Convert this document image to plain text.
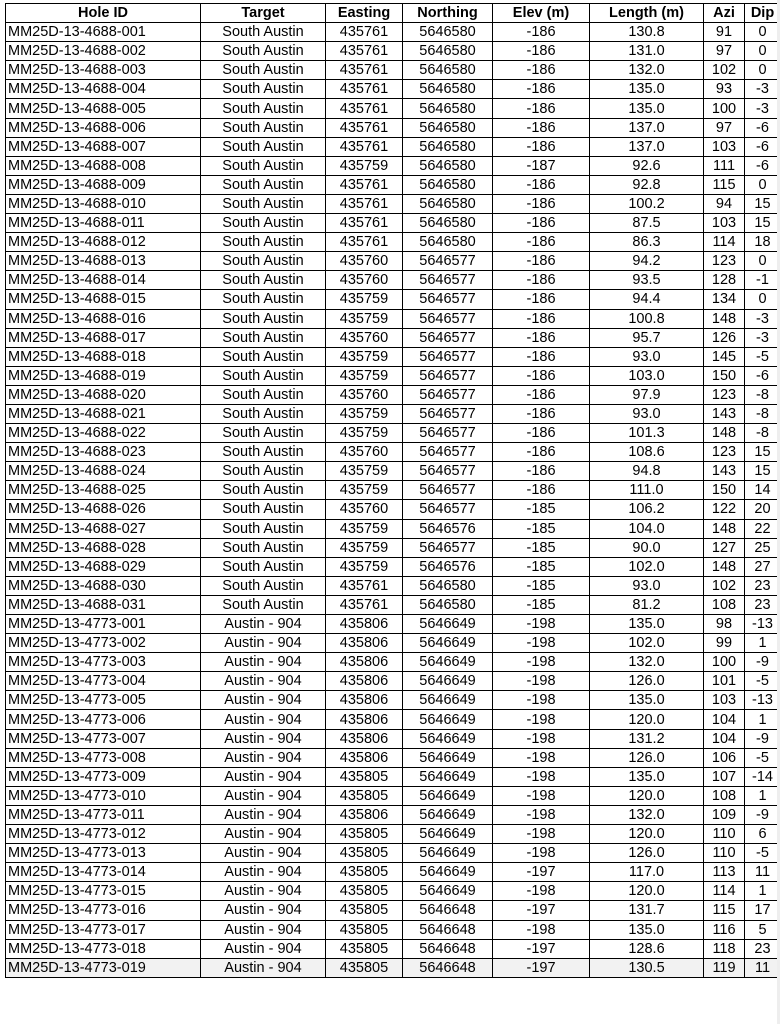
Hole ID	Target	Easting	Northing	Elev (m)	Length (m)	Azi	Dip
MM25D-13-4688-001	South Austin	435761	5646580	-186	130.8	91	0
MM25D-13-4688-002	South Austin	435761	5646580	-186	131.0	97	0
MM25D-13-4688-003	South Austin	435761	5646580	-186	132.0	102	0
MM25D-13-4688-004	South Austin	435761	5646580	-186	135.0	93	-3
MM25D-13-4688-005	South Austin	435761	5646580	-186	135.0	100	-3
MM25D-13-4688-006	South Austin	435761	5646580	-186	137.0	97	-6
MM25D-13-4688-007	South Austin	435761	5646580	-186	137.0	103	-6
MM25D-13-4688-008	South Austin	435759	5646580	-187	92.6	111	-6
MM25D-13-4688-009	South Austin	435761	5646580	-186	92.8	115	0
MM25D-13-4688-010	South Austin	435761	5646580	-186	100.2	94	15
MM25D-13-4688-011	South Austin	435761	5646580	-186	87.5	103	15
MM25D-13-4688-012	South Austin	435761	5646580	-186	86.3	114	18
MM25D-13-4688-013	South Austin	435760	5646577	-186	94.2	123	0
MM25D-13-4688-014	South Austin	435760	5646577	-186	93.5	128	-1
MM25D-13-4688-015	South Austin	435759	5646577	-186	94.4	134	0
MM25D-13-4688-016	South Austin	435759	5646577	-186	100.8	148	-3
MM25D-13-4688-017	South Austin	435760	5646577	-186	95.7	126	-3
MM25D-13-4688-018	South Austin	435759	5646577	-186	93.0	145	-5
MM25D-13-4688-019	South Austin	435759	5646577	-186	103.0	150	-6
MM25D-13-4688-020	South Austin	435760	5646577	-186	97.9	123	-8
MM25D-13-4688-021	South Austin	435759	5646577	-186	93.0	143	-8
MM25D-13-4688-022	South Austin	435759	5646577	-186	101.3	148	-8
MM25D-13-4688-023	South Austin	435760	5646577	-186	108.6	123	15
MM25D-13-4688-024	South Austin	435759	5646577	-186	94.8	143	15
MM25D-13-4688-025	South Austin	435759	5646577	-186	111.0	150	14
MM25D-13-4688-026	South Austin	435760	5646577	-185	106.2	122	20
MM25D-13-4688-027	South Austin	435759	5646576	-185	104.0	148	22
MM25D-13-4688-028	South Austin	435759	5646577	-185	90.0	127	25
MM25D-13-4688-029	South Austin	435759	5646576	-185	102.0	148	27
MM25D-13-4688-030	South Austin	435761	5646580	-185	93.0	102	23
MM25D-13-4688-031	South Austin	435761	5646580	-185	81.2	108	23
MM25D-13-4773-001	Austin - 904	435806	5646649	-198	135.0	98	-13
MM25D-13-4773-002	Austin - 904	435806	5646649	-198	102.0	99	1
MM25D-13-4773-003	Austin - 904	435806	5646649	-198	132.0	100	-9
MM25D-13-4773-004	Austin - 904	435806	5646649	-198	126.0	101	-5
MM25D-13-4773-005	Austin - 904	435806	5646649	-198	135.0	103	-13
MM25D-13-4773-006	Austin - 904	435806	5646649	-198	120.0	104	1
MM25D-13-4773-007	Austin - 904	435806	5646649	-198	131.2	104	-9
MM25D-13-4773-008	Austin - 904	435806	5646649	-198	126.0	106	-5
MM25D-13-4773-009	Austin - 904	435805	5646649	-198	135.0	107	-14
MM25D-13-4773-010	Austin - 904	435805	5646649	-198	120.0	108	1
MM25D-13-4773-011	Austin - 904	435806	5646649	-198	132.0	109	-9
MM25D-13-4773-012	Austin - 904	435805	5646649	-198	120.0	110	6
MM25D-13-4773-013	Austin - 904	435805	5646649	-198	126.0	110	-5
MM25D-13-4773-014	Austin - 904	435805	5646649	-197	117.0	113	11
MM25D-13-4773-015	Austin - 904	435805	5646649	-198	120.0	114	1
MM25D-13-4773-016	Austin - 904	435805	5646648	-197	131.7	115	17
MM25D-13-4773-017	Austin - 904	435805	5646648	-198	135.0	116	5
MM25D-13-4773-018	Austin - 904	435805	5646648	-197	128.6	118	23
MM25D-13-4773-019	Austin - 904	435805	5646648	-197	130.5	119	11
